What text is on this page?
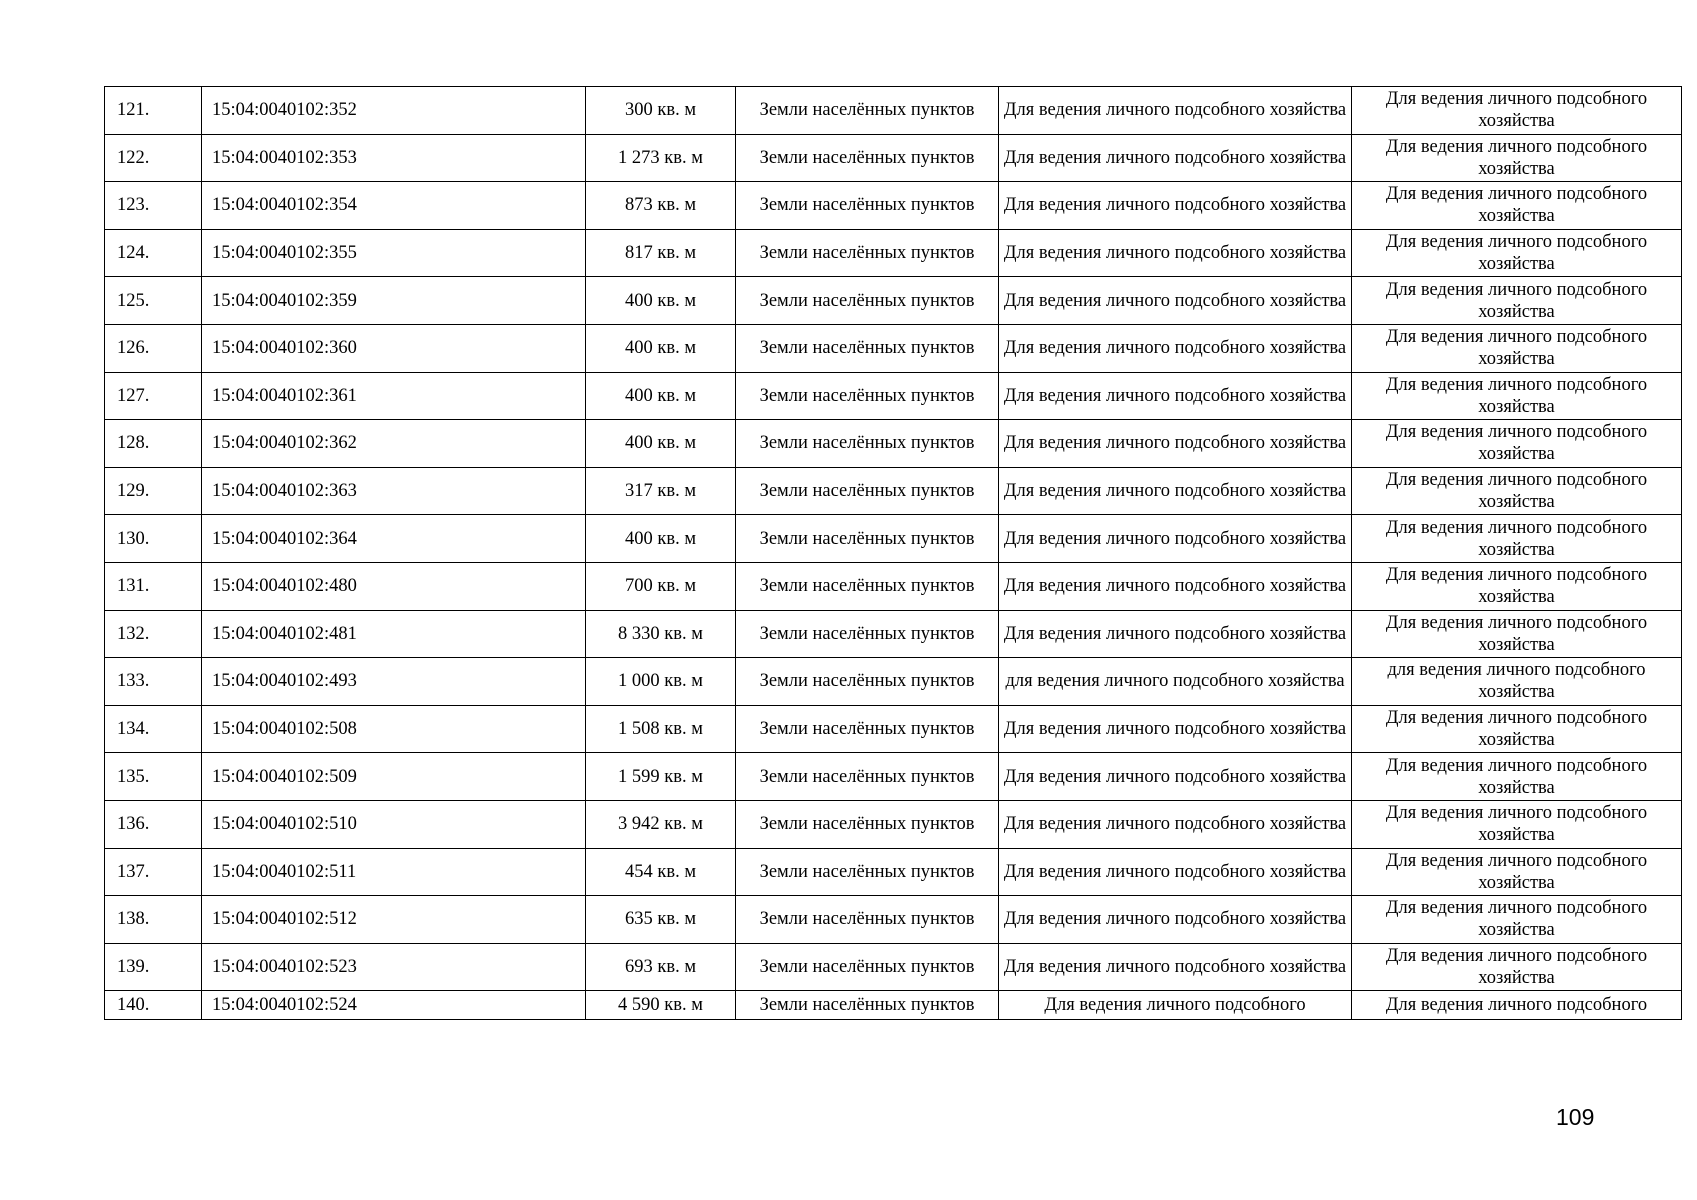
121.	15:04:0040102:352	300 кв. м	Земли населённых пунктов	Для ведения личного подсобного хозяйства	Для ведения личного подсобного хозяйства
122.	15:04:0040102:353	1 273 кв. м	Земли населённых пунктов	Для ведения личного подсобного хозяйства	Для ведения личного подсобного хозяйства
123.	15:04:0040102:354	873 кв. м	Земли населённых пунктов	Для ведения личного подсобного хозяйства	Для ведения личного подсобного хозяйства
124.	15:04:0040102:355	817 кв. м	Земли населённых пунктов	Для ведения личного подсобного хозяйства	Для ведения личного подсобного хозяйства
125.	15:04:0040102:359	400 кв. м	Земли населённых пунктов	Для ведения личного подсобного хозяйства	Для ведения личного подсобного хозяйства
126.	15:04:0040102:360	400 кв. м	Земли населённых пунктов	Для ведения личного подсобного хозяйства	Для ведения личного подсобного хозяйства
127.	15:04:0040102:361	400 кв. м	Земли населённых пунктов	Для ведения личного подсобного хозяйства	Для ведения личного подсобного хозяйства
128.	15:04:0040102:362	400 кв. м	Земли населённых пунктов	Для ведения личного подсобного хозяйства	Для ведения личного подсобного хозяйства
129.	15:04:0040102:363	317 кв. м	Земли населённых пунктов	Для ведения личного подсобного хозяйства	Для ведения личного подсобного хозяйства
130.	15:04:0040102:364	400 кв. м	Земли населённых пунктов	Для ведения личного подсобного хозяйства	Для ведения личного подсобного хозяйства
131.	15:04:0040102:480	700 кв. м	Земли населённых пунктов	Для ведения личного подсобного хозяйства	Для ведения личного подсобного хозяйства
132.	15:04:0040102:481	8 330 кв. м	Земли населённых пунктов	Для ведения личного подсобного хозяйства	Для ведения личного подсобного хозяйства
133.	15:04:0040102:493	1 000 кв. м	Земли населённых пунктов	для ведения личного подсобного хозяйства	для ведения личного подсобного хозяйства
134.	15:04:0040102:508	1 508 кв. м	Земли населённых пунктов	Для ведения личного подсобного хозяйства	Для ведения личного подсобного хозяйства
135.	15:04:0040102:509	1 599 кв. м	Земли населённых пунктов	Для ведения личного подсобного хозяйства	Для ведения личного подсобного хозяйства
136.	15:04:0040102:510	3 942 кв. м	Земли населённых пунктов	Для ведения личного подсобного хозяйства	Для ведения личного подсобного хозяйства
137.	15:04:0040102:511	454 кв. м	Земли населённых пунктов	Для ведения личного подсобного хозяйства	Для ведения личного подсобного хозяйства
138.	15:04:0040102:512	635 кв. м	Земли населённых пунктов	Для ведения личного подсобного хозяйства	Для ведения личного подсобного хозяйства
139.	15:04:0040102:523	693 кв. м	Земли населённых пунктов	Для ведения личного подсобного хозяйства	Для ведения личного подсобного хозяйства
140.	15:04:0040102:524	4 590 кв. м	Земли населённых пунктов	Для ведения личного подсобного	Для ведения личного подсобного
109
